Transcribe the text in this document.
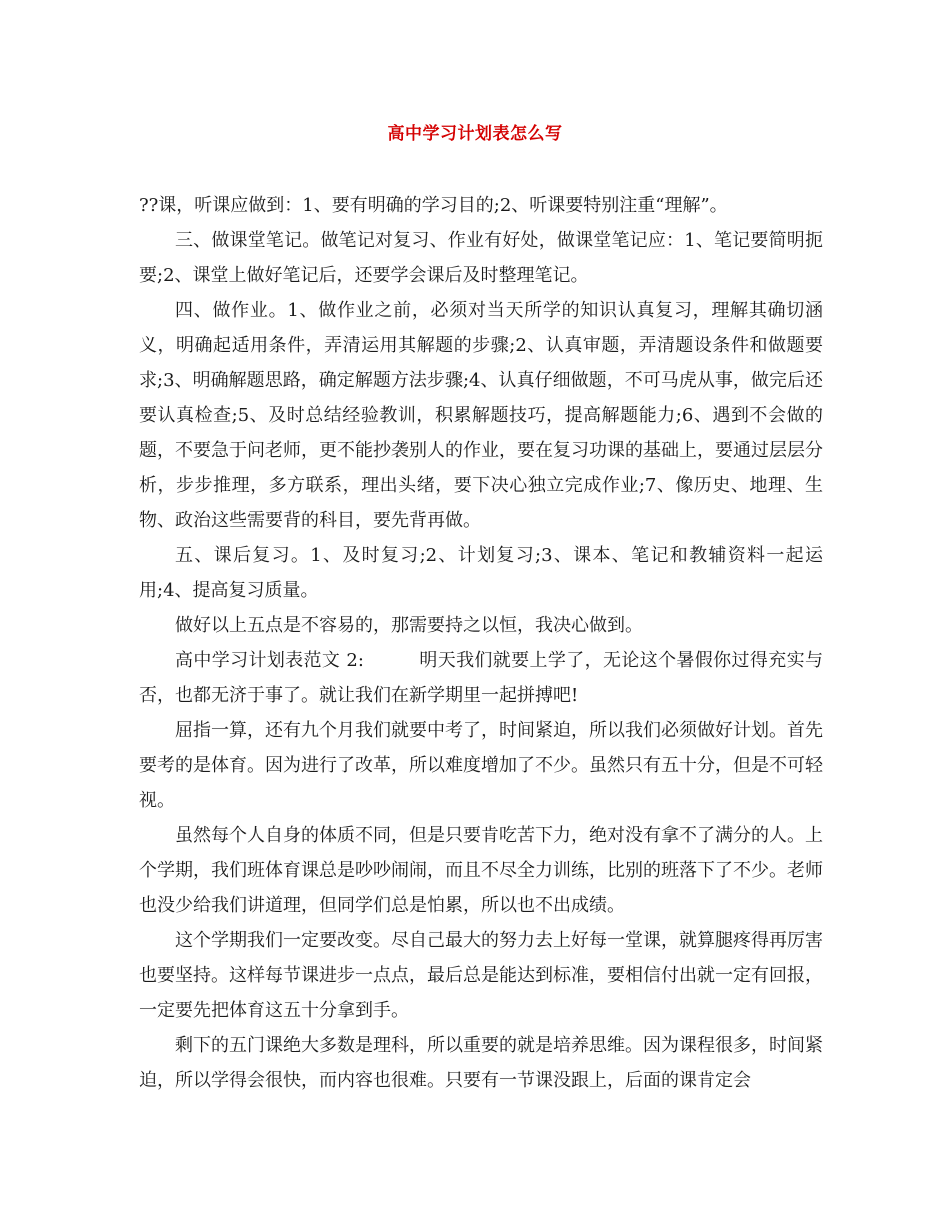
高中学习计划表怎么写

??课，听课应做到：1、要有明确的学习目的;2、听课要特别注重“理解”。

三、做课堂笔记。做笔记对复习、作业有好处，做课堂笔记应：1、笔记要简明扼要;2、课堂上做好笔记后，还要学会课后及时整理笔记。

四、做作业。1、做作业之前，必须对当天所学的知识认真复习，理解其确切涵义，明确起适用条件，弄清运用其解题的步骤;2、认真审题，弄清题设条件和做题要求;3、明确解题思路，确定解题方法步骤;4、认真仔细做题，不可马虎从事，做完后还要认真检查;5、及时总结经验教训，积累解题技巧，提高解题能力;6、遇到不会做的题，不要急于问老师，更不能抄袭别人的作业，要在复习功课的基础上，要通过层层分析，步步推理，多方联系，理出头绪，要下决心独立完成作业;7、像历史、地理、生物、政治这些需要背的科目，要先背再做。

五、课后复习。1、及时复习;2、计划复习;3、课本、笔记和教辅资料一起运用;4、提高复习质量。

做好以上五点是不容易的，那需要持之以恒，我决心做到。

高中学习计划表范文 2:　　　明天我们就要上学了，无论这个暑假你过得充实与否，也都无济于事了。就让我们在新学期里一起拼搏吧!

屈指一算，还有九个月我们就要中考了，时间紧迫，所以我们必须做好计划。首先要考的是体育。因为进行了改革，所以难度增加了不少。虽然只有五十分，但是不可轻视。

虽然每个人自身的体质不同，但是只要肯吃苦下力，绝对没有拿不了满分的人。上个学期，我们班体育课总是吵吵闹闹，而且不尽全力训练，比别的班落下了不少。老师也没少给我们讲道理，但同学们总是怕累，所以也不出成绩。

这个学期我们一定要改变。尽自己最大的努力去上好每一堂课，就算腿疼得再厉害也要坚持。这样每节课进步一点点，最后总是能达到标准，要相信付出就一定有回报，一定要先把体育这五十分拿到手。

剩下的五门课绝大多数是理科，所以重要的就是培养思维。因为课程很多，时间紧迫，所以学得会很快，而内容也很难。只要有一节课没跟上，后面的课肯定会
